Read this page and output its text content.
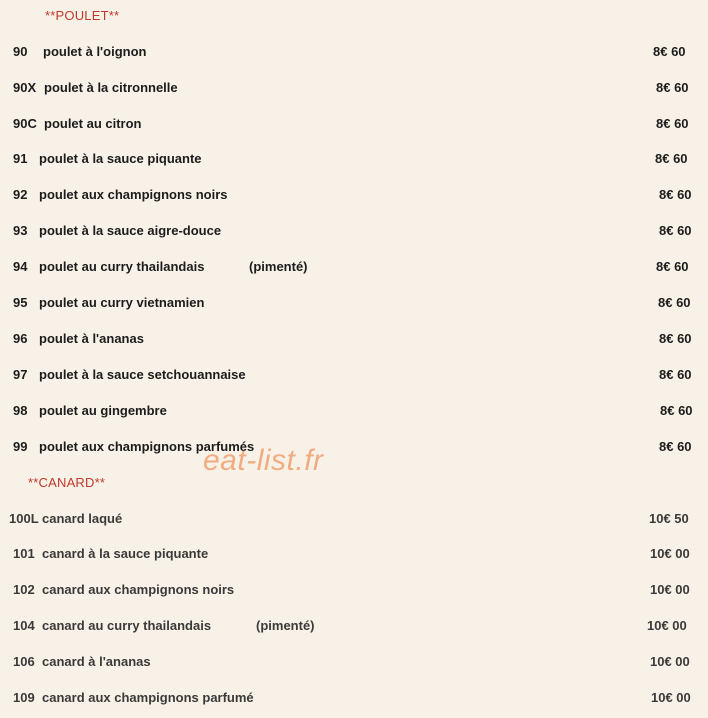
**POULET**
90 poulet à l'oignon	8€ 60
90X poulet à la citronnelle	8€ 60
90C poulet au citron	8€ 60
91 poulet à la sauce piquante	8€ 60
92 poulet aux champignons noirs	8€ 60
93 poulet à la sauce aigre-douce	8€ 60
94 poulet au curry thailandais	(pimenté)	8€ 60
95 poulet au curry vietnamien	8€ 60
96 poulet à l'ananas	8€ 60
97 poulet à la sauce setchouannaise	8€ 60
98 poulet au gingembre	8€ 60
99 poulet aux champignons parfumés	8€ 60
**CANARD**
100L canard laqué	10€ 50
101 canard à la sauce piquante	10€ 00
102 canard aux champignons noirs	10€ 00
104 canard au curry thailandais	(pimenté)	10€ 00
106 canard à l'ananas	10€ 00
109 canard aux champignons parfumé	10€ 00
eat-list.fr
